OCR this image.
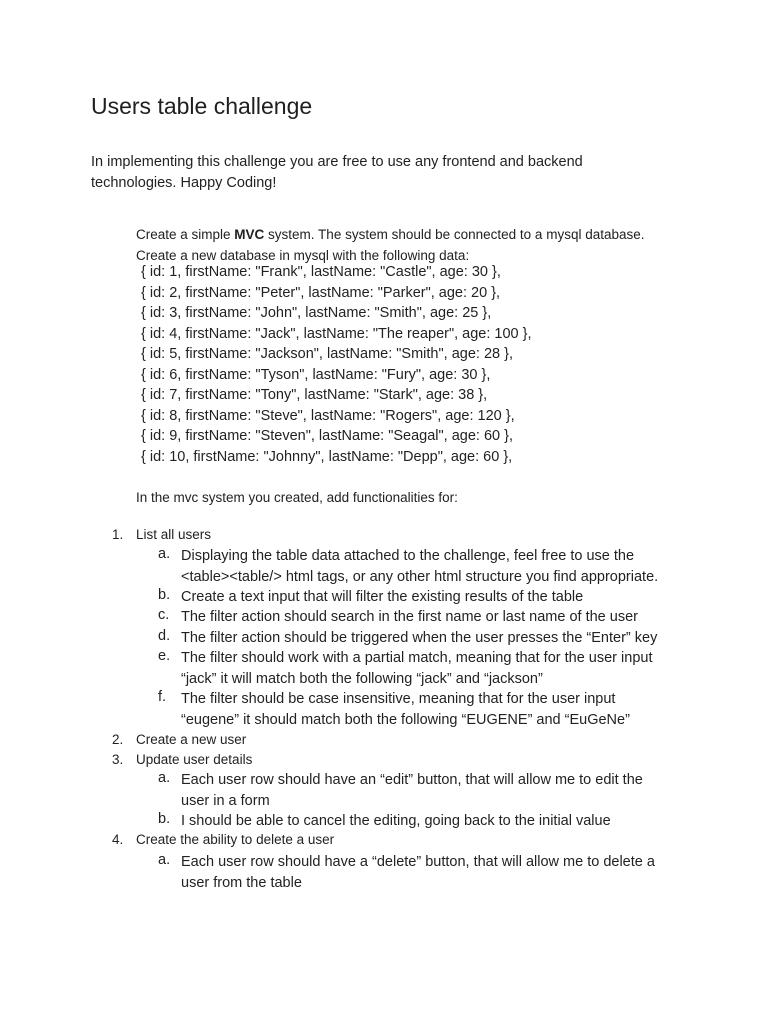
Users table challenge
In implementing this challenge you are free to use any frontend and backend
technologies. Happy Coding!
Create a simple MVC system. The system should be connected to a mysql database.
Create a new database in mysql with the following data:
{ id: 1, firstName: "Frank", lastName: "Castle", age: 30 },
{ id: 2, firstName: "Peter", lastName: "Parker", age: 20 },
{ id: 3, firstName: "John", lastName: "Smith", age: 25 },
{ id: 4, firstName: "Jack", lastName: "The reaper", age: 100 },
{ id: 5, firstName: "Jackson", lastName: "Smith", age: 28 },
{ id: 6, firstName: "Tyson", lastName: "Fury", age: 30 },
{ id: 7, firstName: "Tony", lastName: "Stark", age: 38 },
{ id: 8, firstName: "Steve", lastName: "Rogers", age: 120 },
{ id: 9, firstName: "Steven", lastName: "Seagal", age: 60 },
{ id: 10, firstName: "Johnny", lastName: "Depp", age: 60 },
In the mvc system you created, add functionalities for:
1. List all users
a. Displaying the table data attached to the challenge, feel free to use the
<table><table/> html tags, or any other html structure you find appropriate.
b. Create a text input that will filter the existing results of the table
c. The filter action should search in the first name or last name of the user
d. The filter action should be triggered when the user presses the “Enter” key
e. The filter should work with a partial match, meaning that for the user input
“jack” it will match both the following “jack” and “jackson”
f. The filter should be case insensitive, meaning that for the user input
“eugene” it should match both the following “EUGENE” and “EuGeNe”
2. Create a new user
3. Update user details
a. Each user row should have an “edit” button, that will allow me to edit the
user in a form
b. I should be able to cancel the editing, going back to the initial value
4. Create the ability to delete a user
a. Each user row should have a “delete” button, that will allow me to delete a
user from the table
